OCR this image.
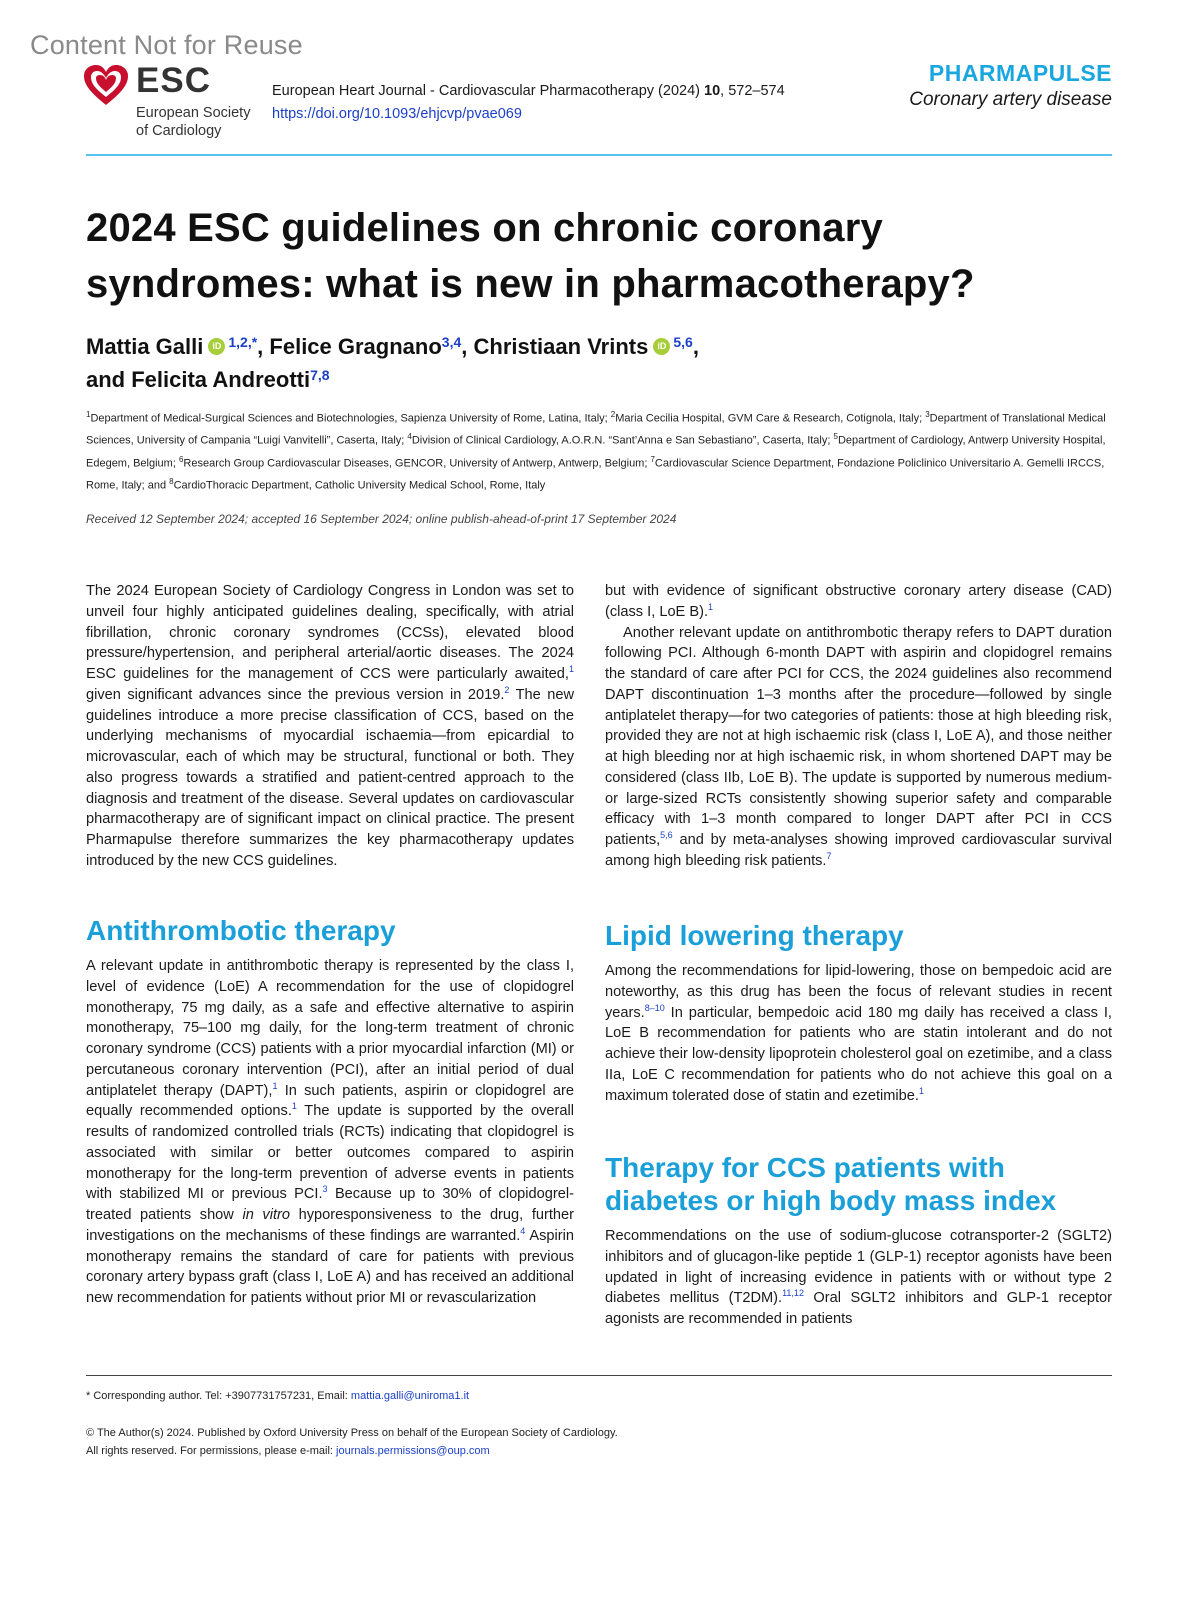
Content Not for Reuse
ESC
European Society
of Cardiology
European Heart Journal - Cardiovascular Pharmacotherapy (2024) 10, 572–574
https://doi.org/10.1093/ehjcvp/pvae069
PHARMAPULSE
Coronary artery disease
2024 ESC guidelines on chronic coronary syndromes: what is new in pharmacotherapy?
Mattia Galli iD $^{1,2,*}$, Felice Gragnano$^{3,4}$, Christiaan Vrints iD $^{5,6}$,
and Felicita Andreotti$^{7,8}$
$^1$Department of Medical-Surgical Sciences and Biotechnologies, Sapienza University of Rome, Latina, Italy; $^2$Maria Cecilia Hospital, GVM Care & Research, Cotignola, Italy; $^3$Department of Translational Medical Sciences, University of Campania “Luigi Vanvitelli”, Caserta, Italy; $^4$Division of Clinical Cardiology, A.O.R.N. “Sant’Anna e San Sebastiano”, Caserta, Italy; $^5$Department of Cardiology, Antwerp University Hospital, Edegem, Belgium; $^6$Research Group Cardiovascular Diseases, GENCOR, University of Antwerp, Antwerp, Belgium; $^7$Cardiovascular Science Department, Fondazione Policlinico Universitario A. Gemelli IRCCS, Rome, Italy; and $^8$CardioThoracic Department, Catholic University Medical School, Rome, Italy
Received 12 September 2024; accepted 16 September 2024; online publish-ahead-of-print 17 September 2024

The 2024 European Society of Cardiology Congress in London was set to unveil four highly anticipated guidelines dealing, specifically, with atrial fibrillation, chronic coronary syndromes (CCSs), elevated blood pressure/hypertension, and peripheral arterial/aortic diseases. The 2024 ESC guidelines for the management of CCS were particularly awaited,$^1$ given significant advances since the previous version in 2019.$^2$ The new guidelines introduce a more precise classification of CCS, based on the underlying mechanisms of myocardial ischaemia—from epicardial to microvascular, each of which may be structural, functional or both. They also progress towards a stratified and patient-centred approach to the diagnosis and treatment of the disease. Several updates on cardiovascular pharmacotherapy are of significant impact on clinical practice. The present Pharmapulse therefore summarizes the key pharmacotherapy updates introduced by the new CCS guidelines.

Antithrombotic therapy

A relevant update in antithrombotic therapy is represented by the class I, level of evidence (LoE) A recommendation for the use of clopidogrel monotherapy, 75 mg daily, as a safe and effective alternative to aspirin monotherapy, 75–100 mg daily, for the long-term treatment of chronic coronary syndrome (CCS) patients with a prior myocardial infarction (MI) or percutaneous coronary intervention (PCI), after an initial period of dual antiplatelet therapy (DAPT),$^1$ In such patients, aspirin or clopidogrel are equally recommended options.$^1$ The update is supported by the overall results of randomized controlled trials (RCTs) indicating that clopidogrel is associated with similar or better outcomes compared to aspirin monotherapy for the long-term prevention of adverse events in patients with stabilized MI or previous PCI.$^3$ Because up to 30% of clopidogrel-treated patients show in vitro hyporesponsiveness to the drug, further investigations on the mechanisms of these findings are warranted.$^4$ Aspirin monotherapy remains the standard of care for patients with previous coronary artery bypass graft (class I, LoE A) and has received an additional new recommendation for patients without prior MI or revascularization

but with evidence of significant obstructive coronary artery disease (CAD) (class I, LoE B).$^1$

Another relevant update on antithrombotic therapy refers to DAPT duration following PCI. Although 6-month DAPT with aspirin and clopidogrel remains the standard of care after PCI for CCS, the 2024 guidelines also recommend DAPT discontinuation 1–3 months after the procedure—followed by single antiplatelet therapy—for two categories of patients: those at high bleeding risk, provided they are not at high ischaemic risk (class I, LoE A), and those neither at high bleeding nor at high ischaemic risk, in whom shortened DAPT may be considered (class IIb, LoE B). The update is supported by numerous medium- or large-sized RCTs consistently showing superior safety and comparable efficacy with 1–3 month compared to longer DAPT after PCI in CCS patients,$^{5,6}$ and by meta-analyses showing improved cardiovascular survival among high bleeding risk patients.$^7$

Lipid lowering therapy

Among the recommendations for lipid-lowering, those on bempedoic acid are noteworthy, as this drug has been the focus of relevant studies in recent years.$^{8-10}$ In particular, bempedoic acid 180 mg daily has received a class I, LoE B recommendation for patients who are statin intolerant and do not achieve their low-density lipoprotein cholesterol goal on ezetimibe, and a class IIa, LoE C recommendation for patients who do not achieve this goal on a maximum tolerated dose of statin and ezetimibe.$^1$

Therapy for CCS patients with diabetes or high body mass index

Recommendations on the use of sodium-glucose cotransporter-2 (SGLT2) inhibitors and of glucagon-like peptide 1 (GLP-1) receptor agonists have been updated in light of increasing evidence in patients with or without type 2 diabetes mellitus (T2DM).$^{11,12}$ Oral SGLT2 inhibitors and GLP-1 receptor agonists are recommended in patients

* Corresponding author. Tel: +3907731757231, Email: mattia.galli@uniroma1.it
© The Author(s) 2024. Published by Oxford University Press on behalf of the European Society of Cardiology.
All rights reserved. For permissions, please e-mail: journals.permissions@oup.com
